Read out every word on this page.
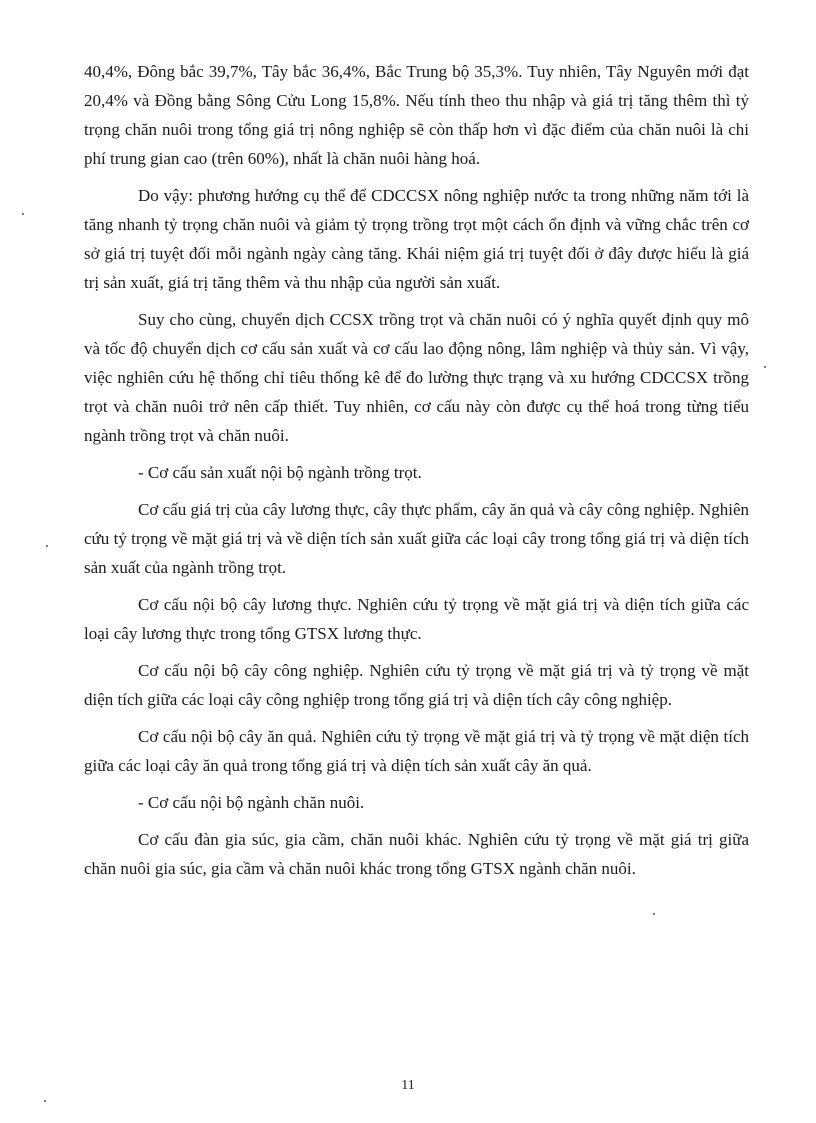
40,4%, Đông bắc 39,7%, Tây bắc 36,4%, Bắc Trung bộ 35,3%. Tuy nhiên, Tây Nguyên mới đạt 20,4% và Đồng bằng Sông Cửu Long 15,8%. Nếu tính theo thu nhập và giá trị tăng thêm thì tỷ trọng chăn nuôi trong tổng giá trị nông nghiệp sẽ còn thấp hơn vì đặc điểm của chăn nuôi là chi phí trung gian cao (trên 60%), nhất là chăn nuôi hàng hoá.

Do vậy: phương hướng cụ thể để CDCCSX nông nghiệp nước ta trong những năm tới là tăng nhanh tỷ trọng chăn nuôi và giảm tỷ trọng trồng trọt một cách ổn định và vững chắc trên cơ sở giá trị tuyệt đối mỗi ngành ngày càng tăng. Khái niệm giá trị tuyệt đối ở đây được hiểu là giá trị sản xuất, giá trị tăng thêm và thu nhập của người sản xuất.

Suy cho cùng, chuyển dịch CCSX trồng trọt và chăn nuôi có ý nghĩa quyết định quy mô và tốc độ chuyển dịch cơ cấu sản xuất và cơ cấu lao động nông, lâm nghiệp và thủy sản. Vì vậy, việc nghiên cứu hệ thống chỉ tiêu thống kê để đo lường thực trạng và xu hướng CDCCSX trồng trọt và chăn nuôi trở nên cấp thiết. Tuy nhiên, cơ cấu này còn được cụ thể hoá trong từng tiểu ngành trồng trọt và chăn nuôi.

- Cơ cấu sản xuất nội bộ ngành trồng trọt.

Cơ cấu giá trị của cây lương thực, cây thực phẩm, cây ăn quả và cây công nghiệp. Nghiên cứu tỷ trọng về mặt giá trị và về diện tích sản xuất giữa các loại cây trong tổng giá trị và diện tích sản xuất của ngành trồng trọt.

Cơ cấu nội bộ cây lương thực. Nghiên cứu tỷ trọng về mặt giá trị và diện tích giữa các loại cây lương thực trong tổng GTSX lương thực.

Cơ cấu nội bộ cây công nghiệp. Nghiên cứu tỷ trọng về mặt giá trị và tỷ trọng về mặt diện tích giữa các loại cây công nghiệp trong tổng giá trị và diện tích cây công nghiệp.

Cơ cấu nội bộ cây ăn quả. Nghiên cứu tỷ trọng về mặt giá trị và tỷ trọng về mặt diện tích giữa các loại cây ăn quả trong tổng giá trị và diện tích sản xuất cây ăn quả.

- Cơ cấu nội bộ ngành chăn nuôi.

Cơ cấu đàn gia súc, gia cầm, chăn nuôi khác. Nghiên cứu tỷ trọng về mặt giá trị giữa chăn nuôi gia súc, gia cầm và chăn nuôi khác trong tổng GTSX ngành chăn nuôi.

11
